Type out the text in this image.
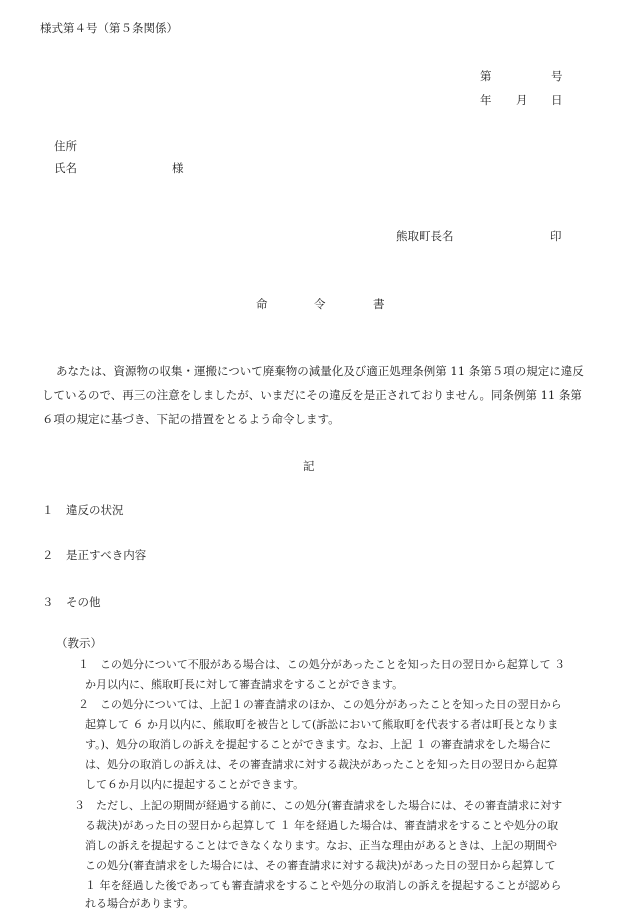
様式第４号（第５条関係）
第	号
年 月 日
住所
氏名	様
熊取町長名	印
命	令	書
あなたは、資源物の収集・運搬について廃棄物の減量化及び適正処理条例第 11 条第５項の規定に違反
しているので、再三の注意をしましたが、いまだにその違反を是正されておりません。同条例第 11 条第
６項の規定に基づき、下記の措置をとるよう命令します。
記
１ 違反の状況
２ 是正すべき内容
３ その他
（教示）
１　この処分について不服がある場合は、この処分があったことを知った日の翌日から起算して ３
か月以内に、熊取町長に対して審査請求をすることができます。
２　この処分については、上記１の審査請求のほか、この処分があったことを知った日の翌日から
起算して ６ か月以内に、熊取町を被告として(訴訟において熊取町を代表する者は町長となりま
す。)、処分の取消しの訴えを提起することができます。なお、上記 １ の審査請求をした場合に
は、処分の取消しの訴えは、その審査請求に対する裁決があったことを知った日の翌日から起算
して６か月以内に提起することができます。
３　ただし、上記の期間が経過する前に、この処分(審査請求をした場合には、その審査請求に対す
る裁決)があった日の翌日から起算して １ 年を経過した場合は、審査請求をすることや処分の取
消しの訴えを提起することはできなくなります。なお、正当な理由があるときは、上記の期間や
この処分(審査請求をした場合には、その審査請求に対する裁決)があった日の翌日から起算して
１ 年を経過した後であっても審査請求をすることや処分の取消しの訴えを提起することが認めら
れる場合があります。
